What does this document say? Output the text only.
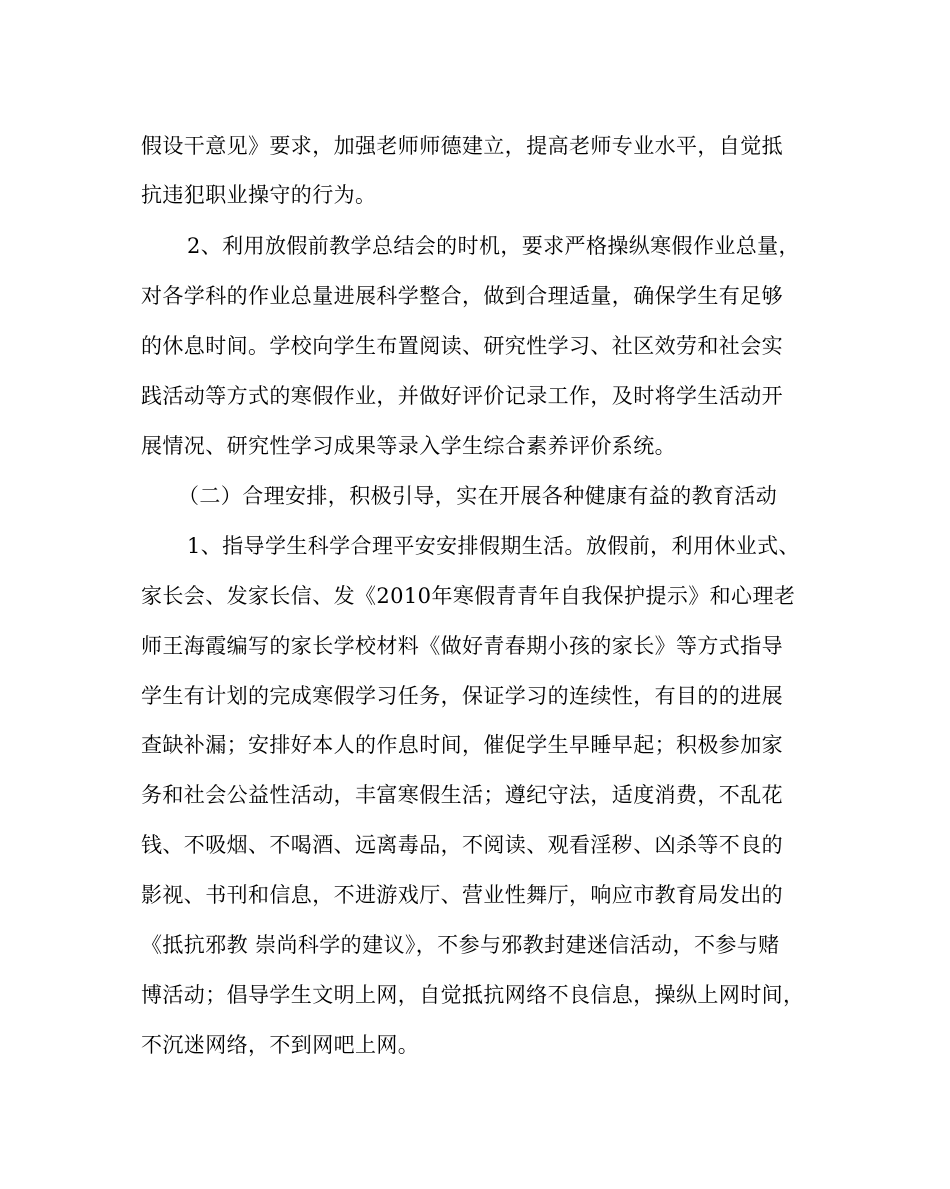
假设干意见》要求，加强老师师德建立，提高老师专业水平，自觉抵
抗违犯职业操守的行为。
2、利用放假前教学总结会的时机，要求严格操纵寒假作业总量，
对各学科的作业总量进展科学整合，做到合理适量，确保学生有足够
的休息时间。学校向学生布置阅读、研究性学习、社区效劳和社会实
践活动等方式的寒假作业，并做好评价记录工作，及时将学生活动开
展情况、研究性学习成果等录入学生综合素养评价系统。
（二）合理安排，积极引导，实在开展各种健康有益的教育活动
1、指导学生科学合理平安安排假期生活。放假前，利用休业式、
家长会、发家长信、发《2010年寒假青青年自我保护提示》和心理老
师王海霞编写的家长学校材料《做好青春期小孩的家长》等方式指导
学生有计划的完成寒假学习任务，保证学习的连续性，有目的的进展
查缺补漏；安排好本人的作息时间，催促学生早睡早起；积极参加家
务和社会公益性活动，丰富寒假生活；遵纪守法，适度消费，不乱花
钱、不吸烟、不喝酒、远离毒品，不阅读、观看淫秽、凶杀等不良的
影视、书刊和信息，不进游戏厅、营业性舞厅，响应市教育局发出的
《抵抗邪教 崇尚科学的建议》，不参与邪教封建迷信活动，不参与赌
博活动；倡导学生文明上网，自觉抵抗网络不良信息，操纵上网时间，
不沉迷网络，不到网吧上网。
